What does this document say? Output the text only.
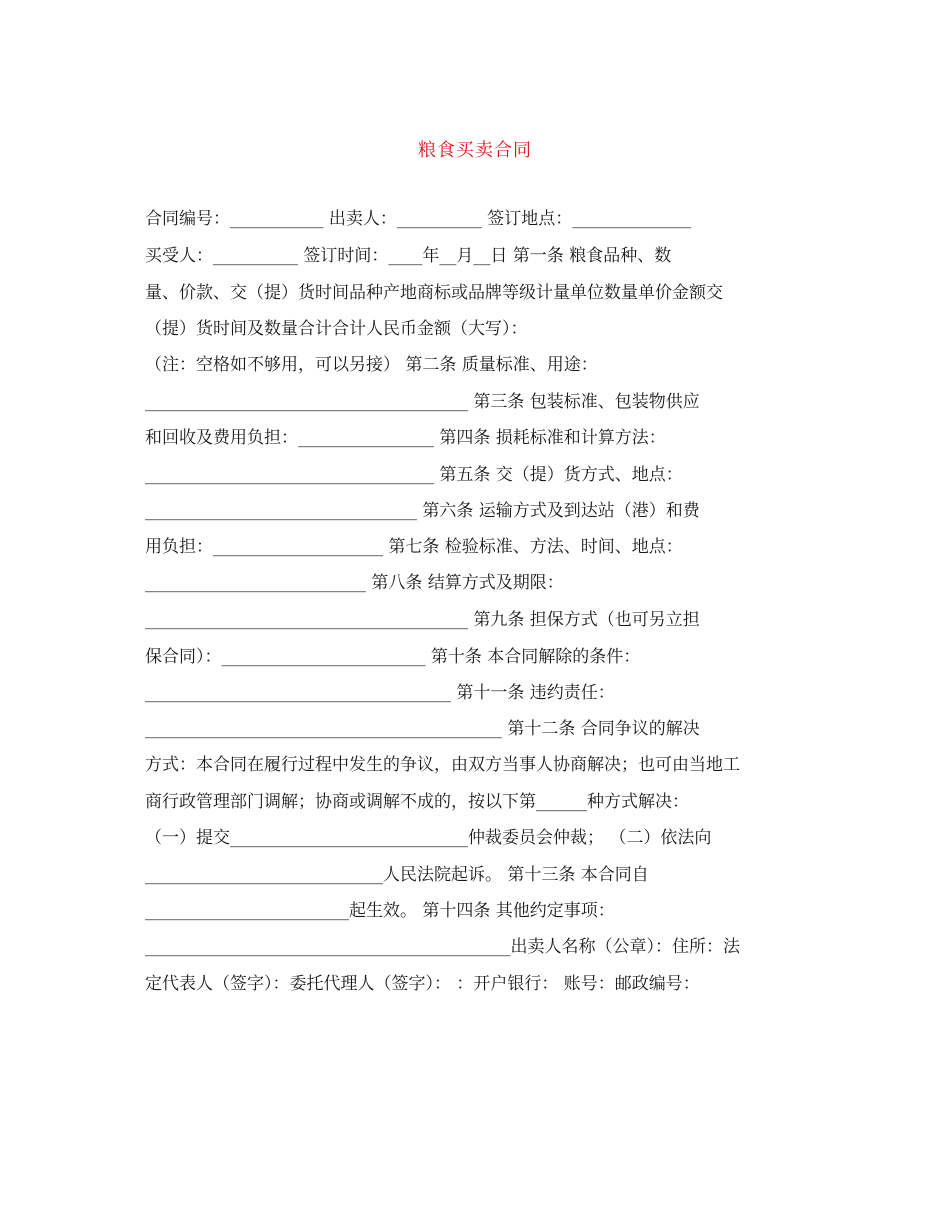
粮食买卖合同
合同编号：___________ 出卖人：__________ 签订地点：______________
买受人：__________ 签订时间：____年__月__日 第一条 粮食品种、数
量、价款、交（提）货时间品种产地商标或品牌等级计量单位数量单价金额交
（提）货时间及数量合计合计人民币金额（大写）：
（注：空格如不够用，可以另接） 第二条 质量标准、用途：
______________________________________ 第三条 包装标准、包装物供应
和回收及费用负担：________________ 第四条 损耗标准和计算方法：
__________________________________ 第五条 交（提）货方式、地点：
________________________________ 第六条 运输方式及到达站（港）和费
用负担：____________________ 第七条 检验标准、方法、时间、地点：
__________________________ 第八条 结算方式及期限：
______________________________________ 第九条 担保方式（也可另立担
保合同）：________________________ 第十条 本合同解除的条件：
____________________________________ 第十一条 违约责任：
__________________________________________ 第十二条 合同争议的解决
方式：本合同在履行过程中发生的争议，由双方当事人协商解决；也可由当地工
商行政管理部门调解；协商或调解不成的，按以下第______种方式解决：
（一）提交____________________________仲裁委员会仲裁； （二）依法向
____________________________人民法院起诉。 第十三条 本合同自
________________________起生效。 第十四条 其他约定事项：
___________________________________________出卖人名称（公章）：住所：法
定代表人（签字）：委托代理人（签字）： ：开户银行： 账号：邮政编号：
